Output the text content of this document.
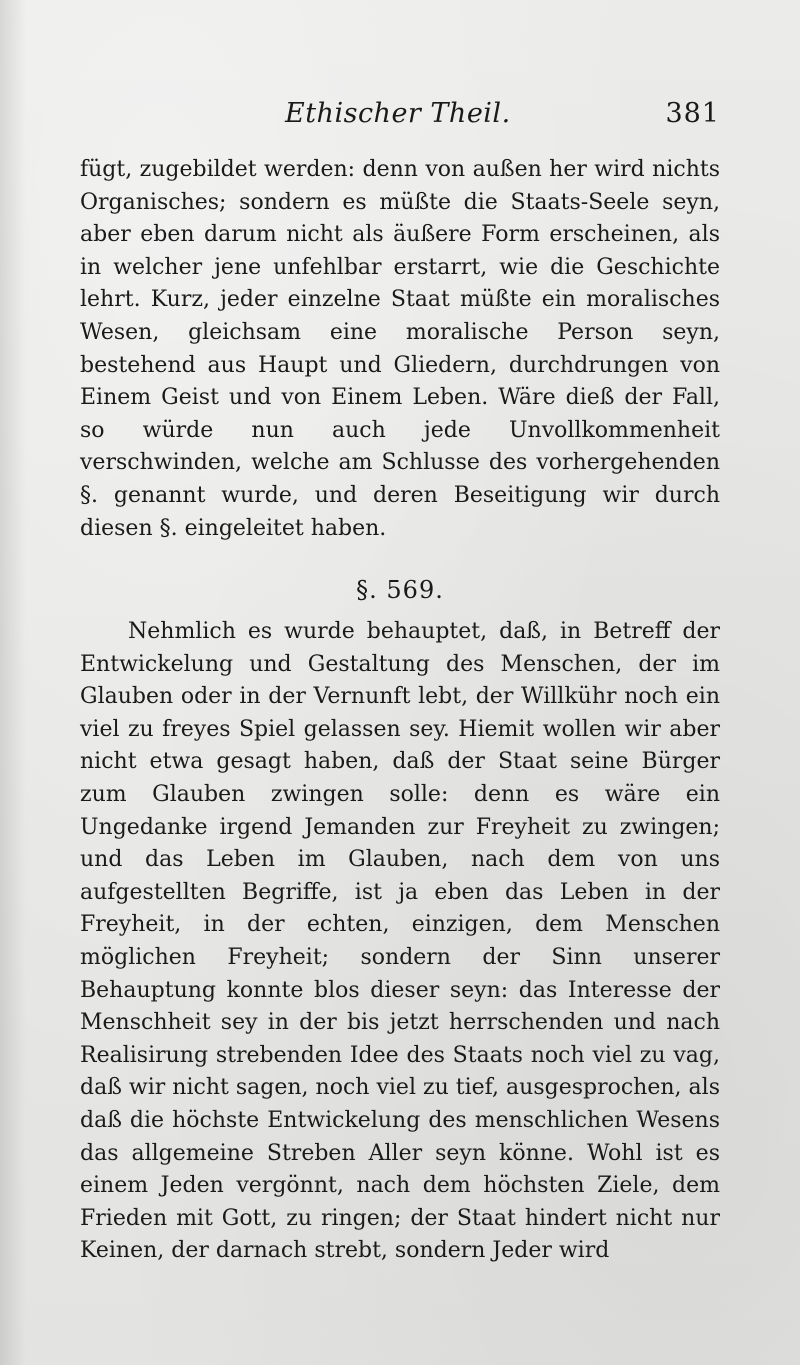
Ethischer Theil.	381

fügt, zugebildet werden: denn von außen her wird nichts Organisches; sondern es müßte die Staats-Seele seyn, aber eben darum nicht als äußere Form erscheinen, als in welcher jene unfehlbar erstarrt, wie die Geschichte lehrt. Kurz, jeder einzelne Staat müßte ein moralisches Wesen, gleichsam eine moralische Person seyn, bestehend aus Haupt und Gliedern, durchdrungen von Einem Geist und von Einem Leben. Wäre dieß der Fall, so würde nun auch jede Unvollkommenheit verschwinden, welche am Schlusse des vorhergehenden §. genannt wurde, und deren Beseitigung wir durch diesen §. eingeleitet haben.

§. 569.

Nehmlich es wurde behauptet, daß, in Betreff der Entwickelung und Gestaltung des Menschen, der im Glauben oder in der Vernunft lebt, der Willkühr noch ein viel zu freyes Spiel gelassen sey. Hiemit wollen wir aber nicht etwa gesagt haben, daß der Staat seine Bürger zum Glauben zwingen solle: denn es wäre ein Ungedanke irgend Jemanden zur Freyheit zu zwingen; und das Leben im Glauben, nach dem von uns aufgestellten Begriffe, ist ja eben das Leben in der Freyheit, in der echten, einzigen, dem Menschen möglichen Freyheit; sondern der Sinn unserer Behauptung konnte blos dieser seyn: das Interesse der Menschheit sey in der bis jetzt herrschenden und nach Realisirung strebenden Idee des Staats noch viel zu vag, daß wir nicht sagen, noch viel zu tief, ausgesprochen, als daß die höchste Entwickelung des menschlichen Wesens das allgemeine Streben Aller seyn könne. Wohl ist es einem Jeden vergönnt, nach dem höchsten Ziele, dem Frieden mit Gott, zu ringen; der Staat hindert nicht nur Keinen, der darnach strebt, sondern Jeder wird
